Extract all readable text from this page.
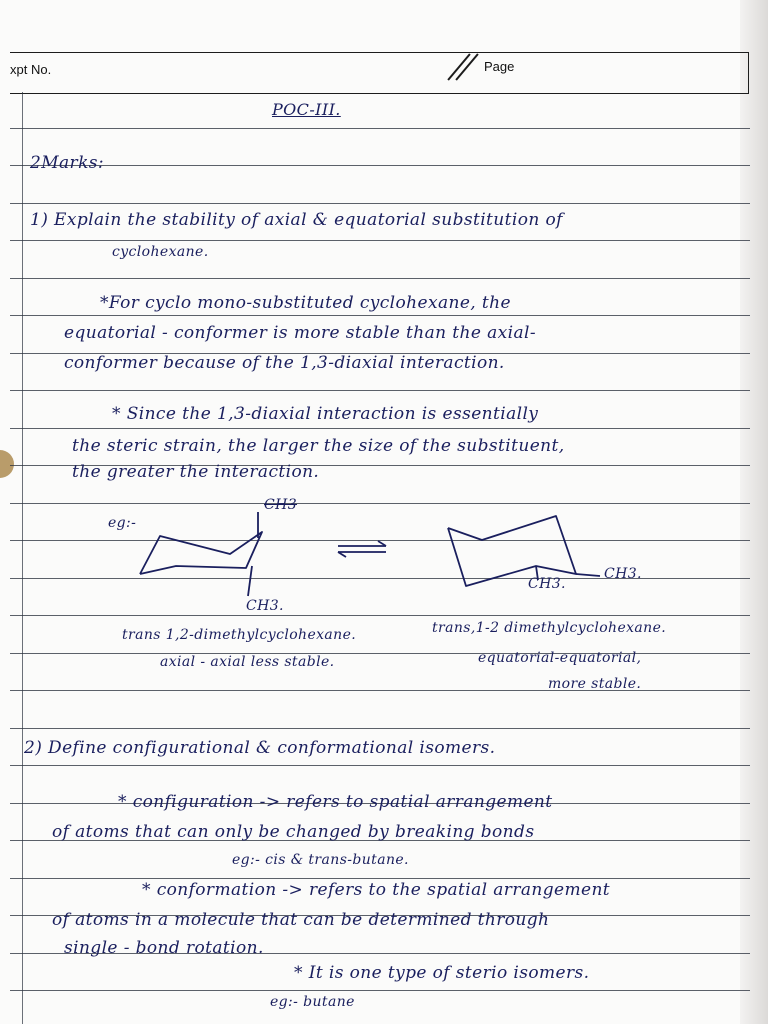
xpt No.	Page
POC-III.
2Marks:
1) Explain the stability of axial & equatorial substitution of
cyclohexane.
*For cyclo mono-substituted cyclohexane, the
equatorial - conformer is more stable than the axial-
conformer because of the 1,3-diaxial interaction.
* Since the 1,3-diaxial interaction is essentially
the steric strain, the larger the size of the substituent,
the greater the interaction.
eg:-
CH3
CH3.
CH3.
CH3.
trans 1,2-dimethylcyclohexane.
axial - axial less stable.
trans,1-2 dimethylcyclohexane.
equatorial-equatorial,
more stable.
2) Define configurational & conformational isomers.
* configuration -> refers to spatial arrangement
of atoms that can only be changed by breaking bonds
eg:- cis & trans-butane.
* conformation -> refers to the spatial arrangement
of atoms in a molecule that can be determined through
single - bond rotation.
* It is one type of sterio isomers.
eg:- butane
